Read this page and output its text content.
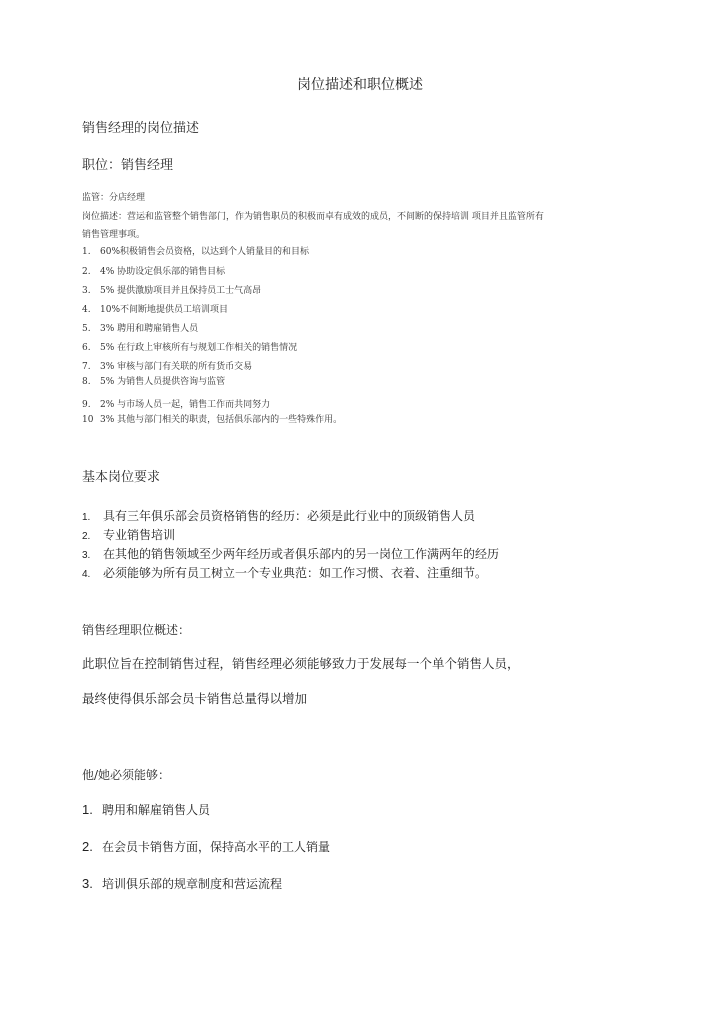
岗位描述和职位概述
销售经理的岗位描述
职位：销售经理
监管：分店经理
岗位描述：营运和监管整个销售部门，作为销售职员的积极而卓有成效的成员，不间断的保持培训 项目并且监管所有
销售管理事项。
1. 60%积极销售会员资格，以达到个人销量目的和目标
2. 4% 协助设定俱乐部的销售目标
3. 5% 提供激励项目并且保持员工士气高昂
4. 10%不间断地提供员工培训项目
5. 3% 聘用和聘雇销售人员
6. 5% 在行政上审核所有与规划工作相关的销售情况
7. 3% 审核与部门有关联的所有货币交易
8. 5% 为销售人员提供咨询与监管
9. 2% 与市场人员一起，销售工作而共同努力
10 3% 其他与部门相关的职责，包括俱乐部内的一些特殊作用。
基本岗位要求
1. 具有三年俱乐部会员资格销售的经历：必须是此行业中的顶级销售人员
2. 专业销售培训
3. 在其他的销售领域至少两年经历或者俱乐部内的另一岗位工作满两年的经历
4. 必须能够为所有员工树立一个专业典范：如工作习惯、衣着、注重细节。
销售经理职位概述：
此职位旨在控制销售过程，销售经理必须能够致力于发展每一个单个销售人员，
最终使得俱乐部会员卡销售总量得以增加
他/她必须能够：
1. 聘用和解雇销售人员
2. 在会员卡销售方面，保持高水平的工人销量
3. 培训俱乐部的规章制度和营运流程
